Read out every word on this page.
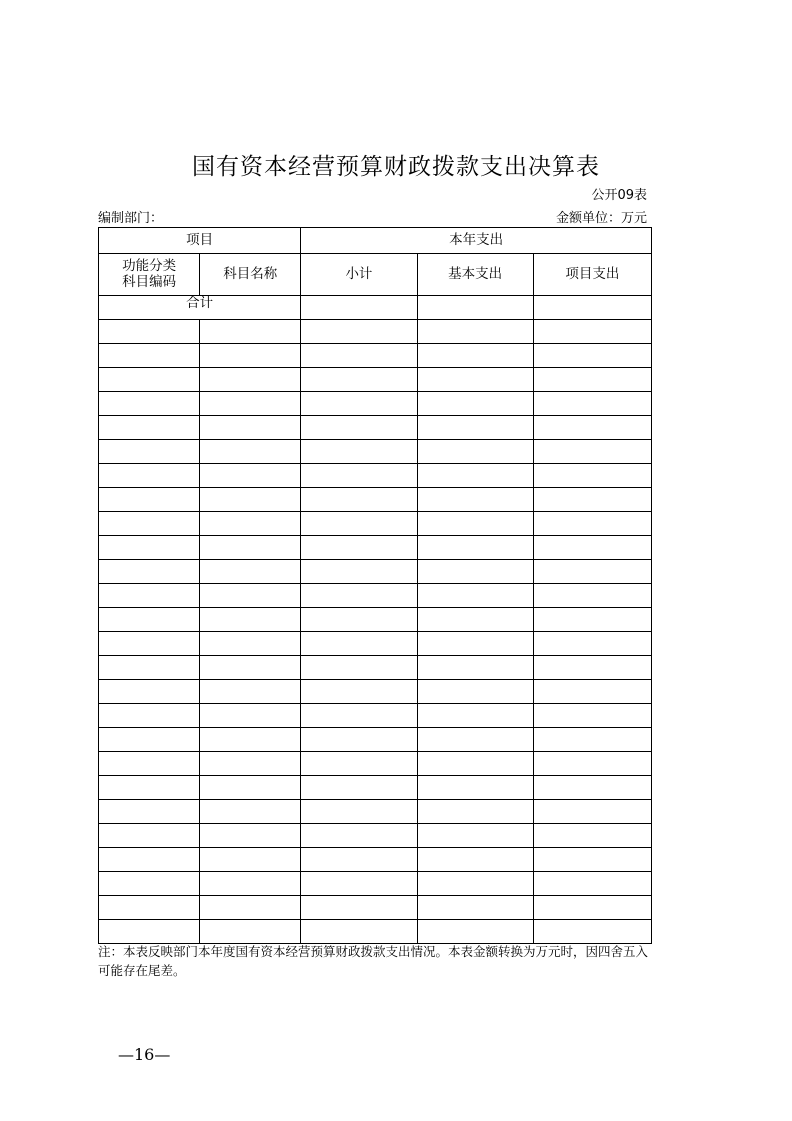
国有资本经营预算财政拨款支出决算表
公开09表
编制部门：	金额单位：万元
项目		本年支出		
功能分类
科目编码	科目名称	小计	基本支出	项目支出
合计				

注：本表反映部门本年度国有资本经营预算财政拨款支出情况。本表金额转换为万元时，因四舍五入可能存在尾差。
—16—
